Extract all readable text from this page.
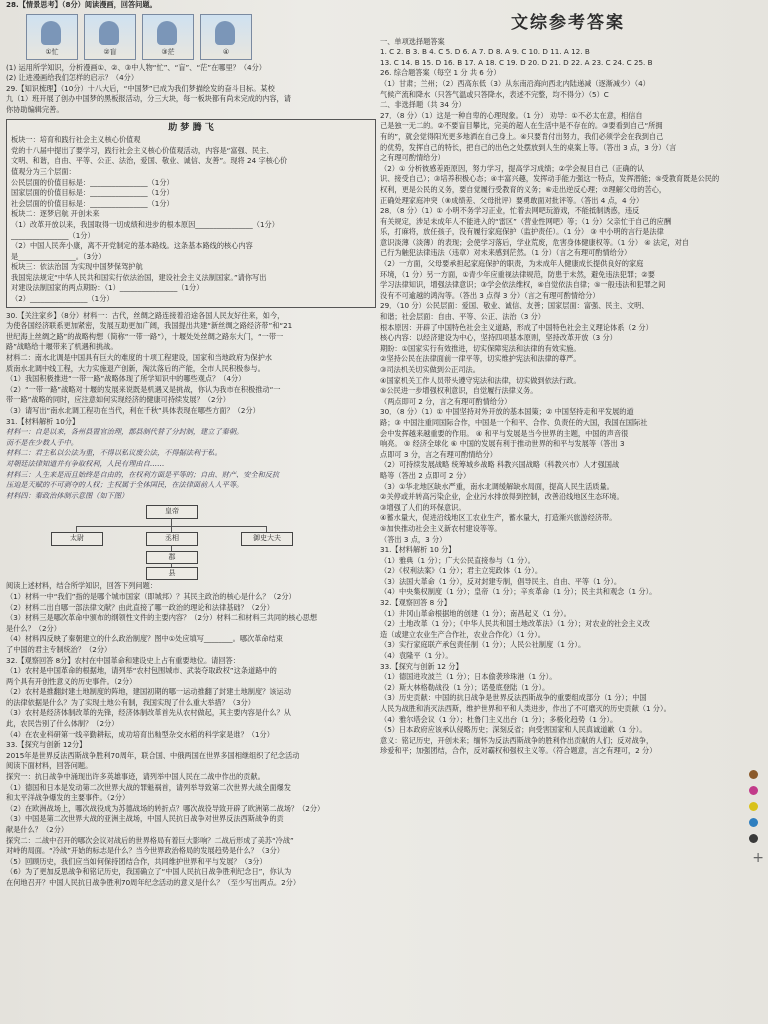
28.【情景思考】（8分）阅读漫画，回答问题。

①忙	②盲	③茫	④

(1) 运用所学知识，分析漫画①、②、③中人物“忙”、“盲”、“茫”在哪里？（4分）

(2) 让进漫画给我们怎样的启示？（4分）

29.【知识梳理】（10分）十八大后，“中国梦”已成为我们梦描绘发的奋斗目标。某校

九（1）班开展了创办中国梦的黑板报活动，分三大块，每一板块都有尚未完成的内容，请

你协助编辑完善。

助 梦 腾 飞

板块一：培育和践行社会主义核心价值观

党的十八届中提出了要学习，践行社会主义核心价值观活动，内容是“富强、民主、

文明、和谐，自由、平等、公正、法治，爱国、敬业、诚信、友善”。现将 24 字核心价

值观分为三个层面：

公民层面的价值目标是：________________（1分）

国家层面的价值目标是：________________（1分）

社会层面的价值目标是：________________（1分）

板块二：逐梦启航 开创未来

（1）改革开放以来，我国取得一切成绩和进步的根本原因________________（1分）

________________（1分）

（2）中国人民奔小康，离不开党制定的基本路线。这条基本路线的核心内容

是________________。（3分）

板块三：依法治国 为实现中国梦保驾护航

我国宪法规定“中华人民共和国实行依法治国，建设社会主义法制国家。”请你写出

对建设法制国家的两点期盼：（1）________________（1分）

（2）________________（1分）

30.【关注家乡】（8分）材料一：古代，丝绸之路连接着沿途各国人民友好往来，如今，

为使各国经济联系更加紧密，发展互助更加广阔，我国提出共建“新丝绸之路经济带”和“21

世纪海上丝绸之路”的战略构想（简称“一带一路”），十堰处处丝绸之路东大门，“一带一

路”战略给十堰带来了机遇和挑战。

材料二：南水北调是中国具有巨大的难度的十项工程建设，国家和当地政府为保护水

质南水北调中线工程，大力实施退产创新，淘汰落后的产能，全市人民积极参与。

（1）我国积极推进“一带一路”战略体现了所学知识中的哪些观点？（4分）

（2）“一带一路”战略对十堰的发展来说既是机遇又是挑战，你认为我市在积极推动“一

带一路”战略的同时，应注意如何实现经济的健康可持续发展？（2分）

（3）请写出“南水北调工程功在当代，利在千秋”具体表现在哪些方面？（2分）

31.【材料解析 10分】

材料一：自是以来，各州县置官治理，郡县制代替了分封制，建立了秦朝。

而不是在少数人手中。

材料二：君主私以公法为重，不得以私议废公法，不得据法利于私。

对朝廷法律知道并有争取权利，人民有理由自……

材料三：人生来是而且始终是自由的，在权利方面是平等的；自由、财产、安全和反抗

压迫是天赋的不可剥夺的人权；主权属于全体国民，在法律面前人人平等。

材料四：秦政治体制示意图（如下图）

皇帝
太尉	丞相	御史大夫
郡
县

阅读上述材料，结合所学知识，回答下列问题：

（1）材料一中“我们”指的是哪个城市国家（即城邦）？其民主政治的核心是什么？（2分）

（2）材料二出自哪一部法律文献？由此直接了哪一政治的理论和法律基础？（2分）

（3）材料三是哪次革命中颁布的纲领性文件的主要内容？（2分）材料二和材料三共同的核心思想

是什么？（2分）

（4）材料四反映了秦朝建立的什么政治制度？图中①处应填写________。哪次革命结束

了中国的君主专制统治？（2分）

32.【观察回答 8分】农村在中国革命和建设史上占有重要地位。请回答：

（1）农村是中国革命的根据地，请列举“农村包围城市、武装夺取政权”这条道路中的

两个具有开创性意义的历史事件。（2分）

（2）农村是推翻封建土地制度的阵地，建国初期的哪一运动推翻了封建土地制度？该运动

的法律依据是什么？为了实现土地公有制，我国实现了什么重大举措？（3分）

（3）农村是经济体制改革的先锋，经济体制改革首先从农村做起，其主要内容是什么？从

此，农民告别了什么体制？（2分）

（4）在农业科研第一线辛勤耕耘，成功培育出籼型杂交水稻的科学家是谁？（1分）

33.【探究与创新 12分】

2015年是世界反法西斯战争胜利70周年，联合国、中俄两国在世界多国相继组织了纪念活动

阅读下面材料，回答问题。

探究一：抗日战争中涌现出许多英雄事迹，请列举中国人民在二战中作出的贡献。

（1）德国和日本是发动第二次世界大战的罪魁祸首，请列举导致第二次世界大战全面爆发

和太平洋战争爆发的主要事件。（2分）

（2）在欧洲战场上，哪次战役成为苏德战场的转折点？哪次战役导致开辟了欧洲第二战场？（2分）

（3）中国是第二次世界大战的亚洲主战场，中国人民抗日战争对世界反法西斯战争的贡

献是什么？（2分）

探究二：二战中召开的哪次会议对战后的世界格局有着巨大影响？二战后形成了美苏“冷战”

对峙的局面。“冷战”开始的标志是什么？当今世界政治格局的发展趋势是什么？（3分）

（5）回顾历史，我们应当如何保持团结合作，共同维护世界和平与发展？（3分）

（6）为了更加反思战争和铭记历史，我国确立了“中国人民抗日战争胜利纪念日”，你认为

在何地召开？中国人民抗日战争胜利70周年纪念活动的意义是什么？（至少写出两点。2分）

文综参考答案

一、单项选择题答案

1. C 2. B 3. B 4. C 5. D 6. A 7. D 8. A 9. C 10. D 11. A 12. B

13. C 14. B 15. D 16. B 17. A 18. C 19. D 20. D 21. D 22. A 23. C 24. C 25. B

26. 综合题答案（每空 1 分 共 6 分）

（1）甘肃；兰州；（2）西高东低（3）从东南沿海向西北内陆递减（逐渐减少）（4）

气候产流和降水（只答气温或只答降水，表述不完整，均不得分）（5）C

二、非选择题（共 34 分）

27．（8 分）（1）这是一种自卑的心理现象。（1 分） 劝导：①不必太在意，相信自

己是独一无二的。②不要盲目攀比，完美的超人在生活中是不存在的。③要看到自己“所拥

有的”，就会觉得阳光更多地洒在自己身上。④只要肯付出努力，我们必须学会在我到自己

的优势，发挥自己的特长，把自己的出色之处摆放到人生的桌案上等。（答出 3 点，3 分）（言

之有理可酌情给分）

（2）① 分析彼感差距原因，努力学习，提高学习成绩；②学会视目自己（正确的认

识、接受自己）；③培养积极心态；④丰富兴趣，发挥动手能力强这一特点，发挥潜能；⑤受教育既是公民的

权利，更是公民的义务，要自觉履行受教育的义务；⑥走出逆反心理；⑦理解父母的苦心，

正确处理家庭冲突（⑧成绩差、父母批评）要勇敢面对批评等。（答出 4 点，4 分）

28．（8 分）（1）① 小明不务学习正业，忙着去网吧玩游戏，不能抵制诱惑，违反

有关规定，涉足未成年人不能进入的“雷区”（营业性网吧）等；（1 分）父亲忙于自己的应酬

乐，打麻将，放任孩子，没有履行家庭保护（监护责任）。（1 分） ③ 中小明的言行是法律

意识淡薄（淡薄）的表现；会使学习落后，学业荒废，危害身体健康权等。（1 分） ④ 法定，对自

己行为触犯法律违法（违章）对未来感到茫然。（1 分）（言之有理可酌情给分）

（2）一方面，父母要承担起家庭保护的职责，为未成年人健康成长提供良好的家庭

环境，（1 分）另一方面，①青少年应重视法律规范，防患于未然，避免违法犯罪；②要

学习法律知识，增强法律意识；③学会依法维权，④自觉依法自律；⑤一般违法和犯罪之间

没有不可逾越的鸿沟等。（答出 3 点得 3 分）（言之有理可酌情给分）

29．（10 分）公民层面：爱国、敬业、诚信、友善；国家层面：富强、民主、文明、

和谐；社会层面：自由、平等、公正、法治（3 分）

根本原因：开辟了中国特色社会主义道路，形成了中国特色社会主义理论体系（2 分）

核心内容：以经济建设为中心，坚持四项基本原则，坚持改革开放（3 分）

期盼：①国家实行有效推进，切实保障宪法和法律的有效实施。

②坚持公民在法律面前一律平等，切实维护宪法和法律的尊严。

③司法机关切实做到公正司法。

④国家机关工作人员带头遵守宪法和法律，切实做到依法行政。

⑤公民进一步增强权利意识，自觉履行法律义务。

（两点即可 2 分，言之有理可酌情给分）

30．（8 分）（1）① 中国坚持对外开放的基本国策；② 中国坚持走和平发展的道

路；③ 中国注重同国际合作，中国是一个和平、合作、负责任的大国，我国在国际社

会中发挥越来越重要的作用。 ④ 和平与发展是当今世界的主题，中国的声音很

响亮。 ⑤ 经济全球化 ⑥ 中国的发展有利于推动世界的和平与发展等（答出 3

点即可 3 分，言之有理可酌情给分）

（2）可持续发展战略 统筹城乡战略 科教兴国战略（科教兴市）人才强国战

略等（答出 2 点即可 2 分）

（3）①华北地区缺水严重，南水北调缓解缺水局面，提高人民生活质量。

②关停或并转高污染企业，企业污水排放得到控制，改善沿线地区生态环境。

③增强了人们的环保意识。

④蓄水量大，促进沿线地区工农业生产，蓄水量大，打造渐兴旅游经济带。

⑤加快推动社会主义新农村建设等等。

（答出 3 点，3 分）

31.【材料解析 10 分】

（1）雅典（1 分）；广大公民直接参与（1 分）。

（2）《权利法案》（1 分）；君主立宪政体（1 分）。

（3）法国大革命（1 分），反对封建专制，倡导民主、自由、平等（1 分）。

（4）中央集权制度（1 分）；皇帝（1 分）；辛亥革命（1 分）；民主共和观念（1 分）。

32.【观察回答 8 分】

（1）井冈山革命根据地的创建（1 分）；南昌起义（1 分）。

（2）土地改革（1 分）；《中华人民共和国土地改革法》（1 分）；对农业的社会主义改

造（或建立农业生产合作社，农业合作化）（1 分）。

（3）实行家庭联产承包责任制（1 分）；人民公社制度（1 分）。

（4）袁隆平（1 分）。

33.【探究与创新 12 分】

（1）德国进攻波兰（1 分）；日本偷袭珍珠港（1 分）。

（2）斯大林格勒战役（1 分）；诺曼底登陆（1 分）。

（3）历史贡献：中国的抗日战争是世界反法西斯战争的重要组成部分（1 分）；中国

人民为战胜和消灭法西斯，维护世界和平和人类进步，作出了不可磨灭的历史贡献（1 分）。

（4）雅尔塔会议（1 分）；杜鲁门主义出台（1 分）；多极化趋势（1 分）。

（5）日本政府应该承认侵略历史；深刻反省；向受害国家和人民真诚道歉（1 分）。

意义：铭记历史，开创未来；缅怀为反法西斯战争的胜利作出贡献的人们；反对战争，

珍爱和平；加强团结，合作，反对霸权和强权主义等。（符合题意，言之有理可，2 分）

+
